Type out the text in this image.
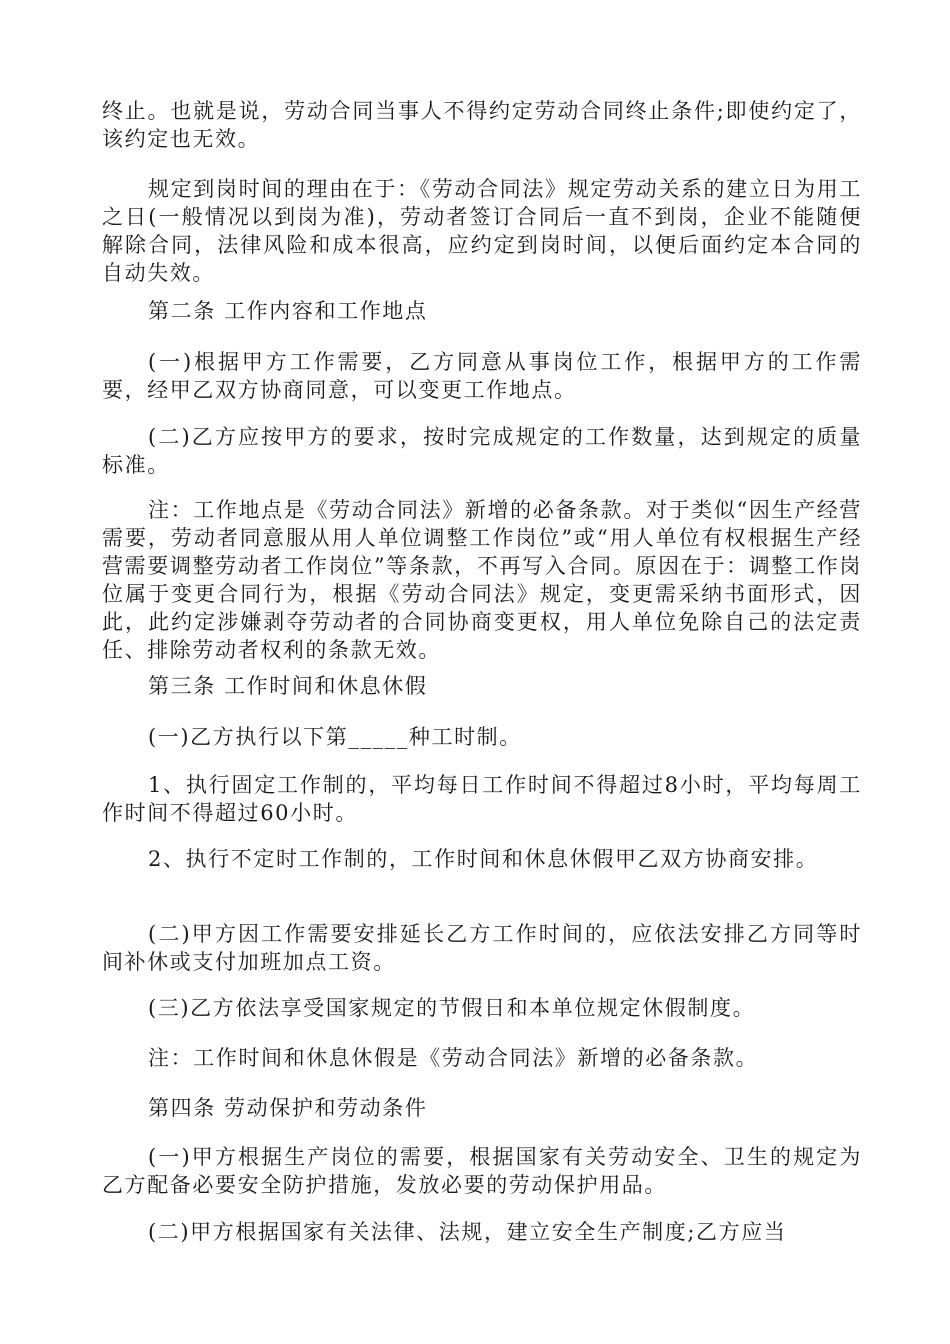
终止。也就是说，劳动合同当事人不得约定劳动合同终止条件;即使约定了，该约定也无效。

规定到岗时间的理由在于：《劳动合同法》规定劳动关系的建立日为用工之日(一般情况以到岗为准)，劳动者签订合同后一直不到岗，企业不能随便解除合同，法律风险和成本很高，应约定到岗时间，以便后面约定本合同的自动失效。

第二条 工作内容和工作地点

(一)根据甲方工作需要，乙方同意从事岗位工作，根据甲方的工作需要，经甲乙双方协商同意，可以变更工作地点。

(二)乙方应按甲方的要求，按时完成规定的工作数量，达到规定的质量标准。

注：工作地点是《劳动合同法》新增的必备条款。对于类似“因生产经营需要，劳动者同意服从用人单位调整工作岗位”或“用人单位有权根据生产经营需要调整劳动者工作岗位”等条款，不再写入合同。原因在于：调整工作岗位属于变更合同行为，根据《劳动合同法》规定，变更需采纳书面形式，因此，此约定涉嫌剥夺劳动者的合同协商变更权，用人单位免除自己的法定责任、排除劳动者权利的条款无效。

第三条 工作时间和休息休假

(一)乙方执行以下第_____种工时制。

1、执行固定工作制的，平均每日工作时间不得超过8小时，平均每周工作时间不得超过60小时。

2、执行不定时工作制的，工作时间和休息休假甲乙双方协商安排。

(二)甲方因工作需要安排延长乙方工作时间的，应依法安排乙方同等时间补休或支付加班加点工资。

(三)乙方依法享受国家规定的节假日和本单位规定休假制度。

注：工作时间和休息休假是《劳动合同法》新增的必备条款。

第四条 劳动保护和劳动条件

(一)甲方根据生产岗位的需要，根据国家有关劳动安全、卫生的规定为乙方配备必要安全防护措施，发放必要的劳动保护用品。

(二)甲方根据国家有关法律、法规，建立安全生产制度;乙方应当
